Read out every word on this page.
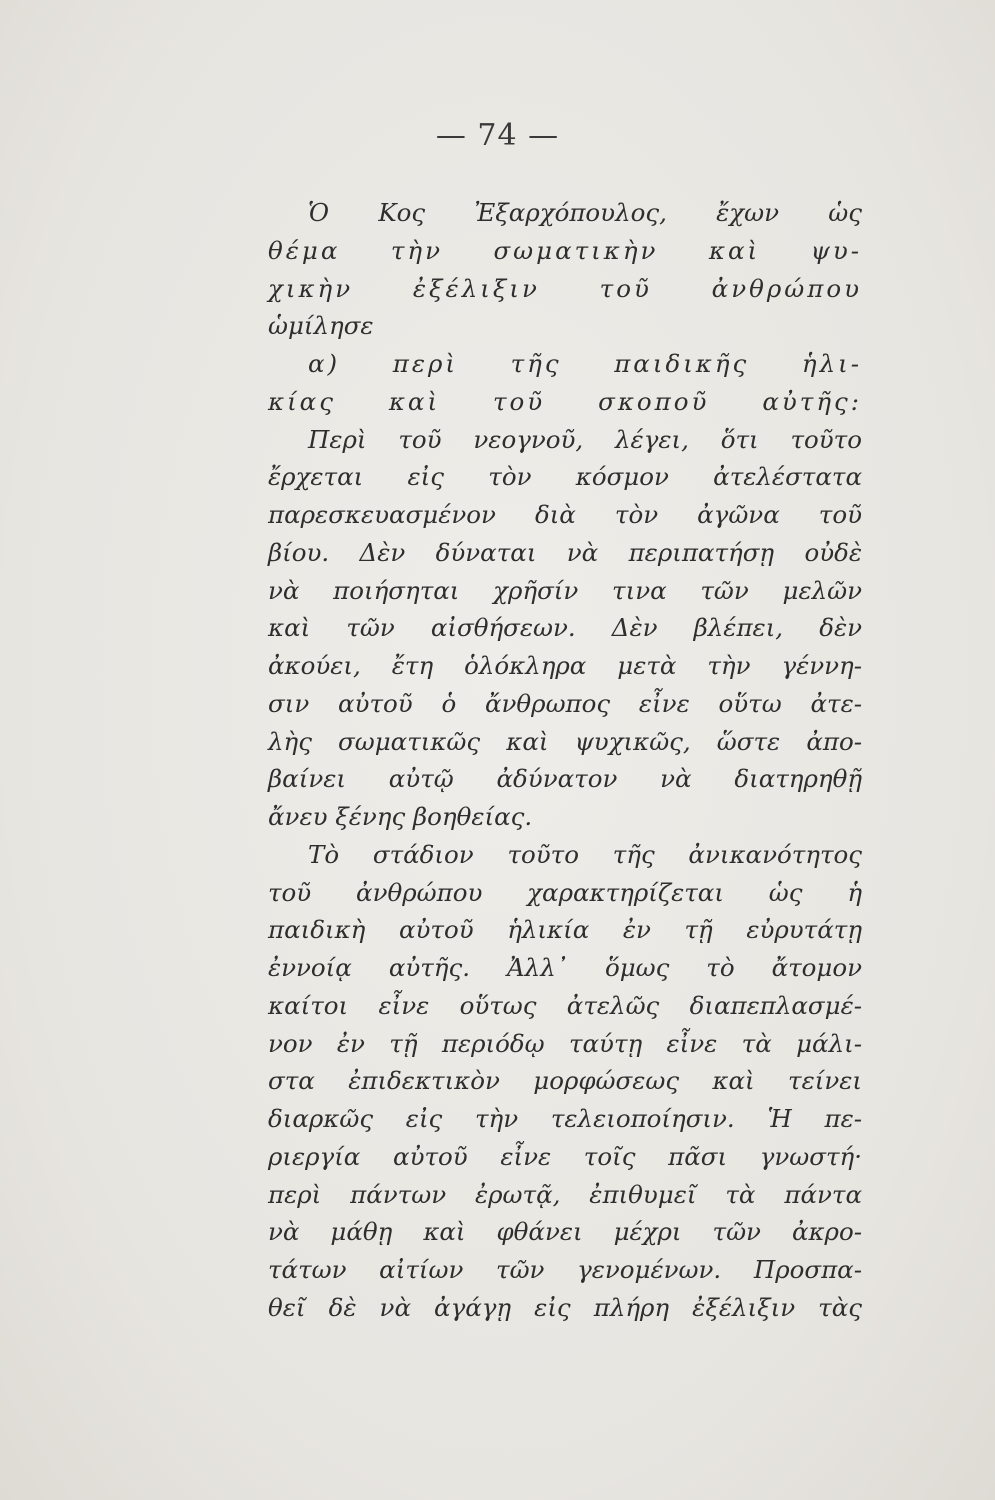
— 74 —
Ὁ Κος Ἐξαρχόπουλος, ἔχων ὡς
θέμα τὴν σωματικὴν καὶ ψυ-
χικὴν ἐξέλιξιν τοῦ ἀνθρώπου
ὡμίλησε
α) περὶ τῆς παιδικῆς ἡλι-
κίας καὶ τοῦ σκοποῦ αὐτῆς:
Περὶ τοῦ νεογνοῦ, λέγει, ὅτι τοῦτο
ἔρχεται εἰς τὸν κόσμον ἀτελέστατα
παρεσκευασμένον διὰ τὸν ἀγῶνα τοῦ
βίου. Δὲν δύναται νὰ περιπατήσῃ οὐδὲ
νὰ ποιήσηται χρῆσίν τινα τῶν μελῶν
καὶ τῶν αἰσθήσεων. Δὲν βλέπει, δὲν
ἀκούει, ἔτη ὁλόκληρα μετὰ τὴν γέννη-
σιν αὐτοῦ ὁ ἄνθρωπος εἶνε οὕτω ἀτε-
λὴς σωματικῶς καὶ ψυχικῶς, ὥστε ἀπο-
βαίνει αὐτῷ ἀδύνατον νὰ διατηρηθῇ
ἄνευ ξένης βοηθείας.
Τὸ στάδιον τοῦτο τῆς ἀνικανότητος
τοῦ ἀνθρώπου χαρακτηρίζεται ὡς ἡ
παιδικὴ αὐτοῦ ἡλικία ἐν τῇ εὐρυτάτῃ
ἐννοίᾳ αὐτῆς. Ἀλλ᾽ ὅμως τὸ ἄτομον
καίτοι εἶνε οὕτως ἀτελῶς διαπεπλασμέ-
νον ἐν τῇ περιόδῳ ταύτῃ εἶνε τὰ μάλι-
στα ἐπιδεκτικὸν μορφώσεως καὶ τείνει
διαρκῶς εἰς τὴν τελειοποίησιν. Ἡ πε-
ριεργία αὐτοῦ εἶνε τοῖς πᾶσι γνωστή·
περὶ πάντων ἐρωτᾷ, ἐπιθυμεῖ τὰ πάντα
νὰ μάθῃ καὶ φθάνει μέχρι τῶν ἀκρο-
τάτων αἰτίων τῶν γενομένων. Προσπα-
θεῖ δὲ νὰ ἀγάγῃ εἰς πλήρη ἐξέλιξιν τὰς
